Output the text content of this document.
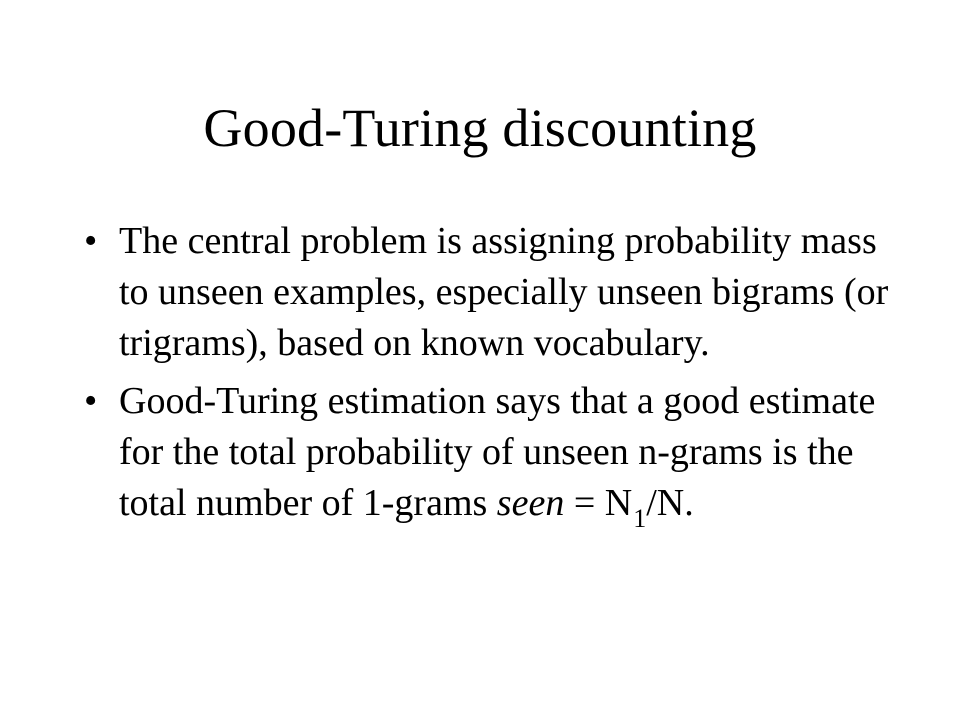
Good-Turing discounting
• The central problem is assigning probability mass to unseen examples, especially unseen bigrams (or trigrams), based on known vocabulary.
• Good-Turing estimation says that a good estimate for the total probability of unseen n-grams is the total number of 1-grams seen = $N_1/N$.
